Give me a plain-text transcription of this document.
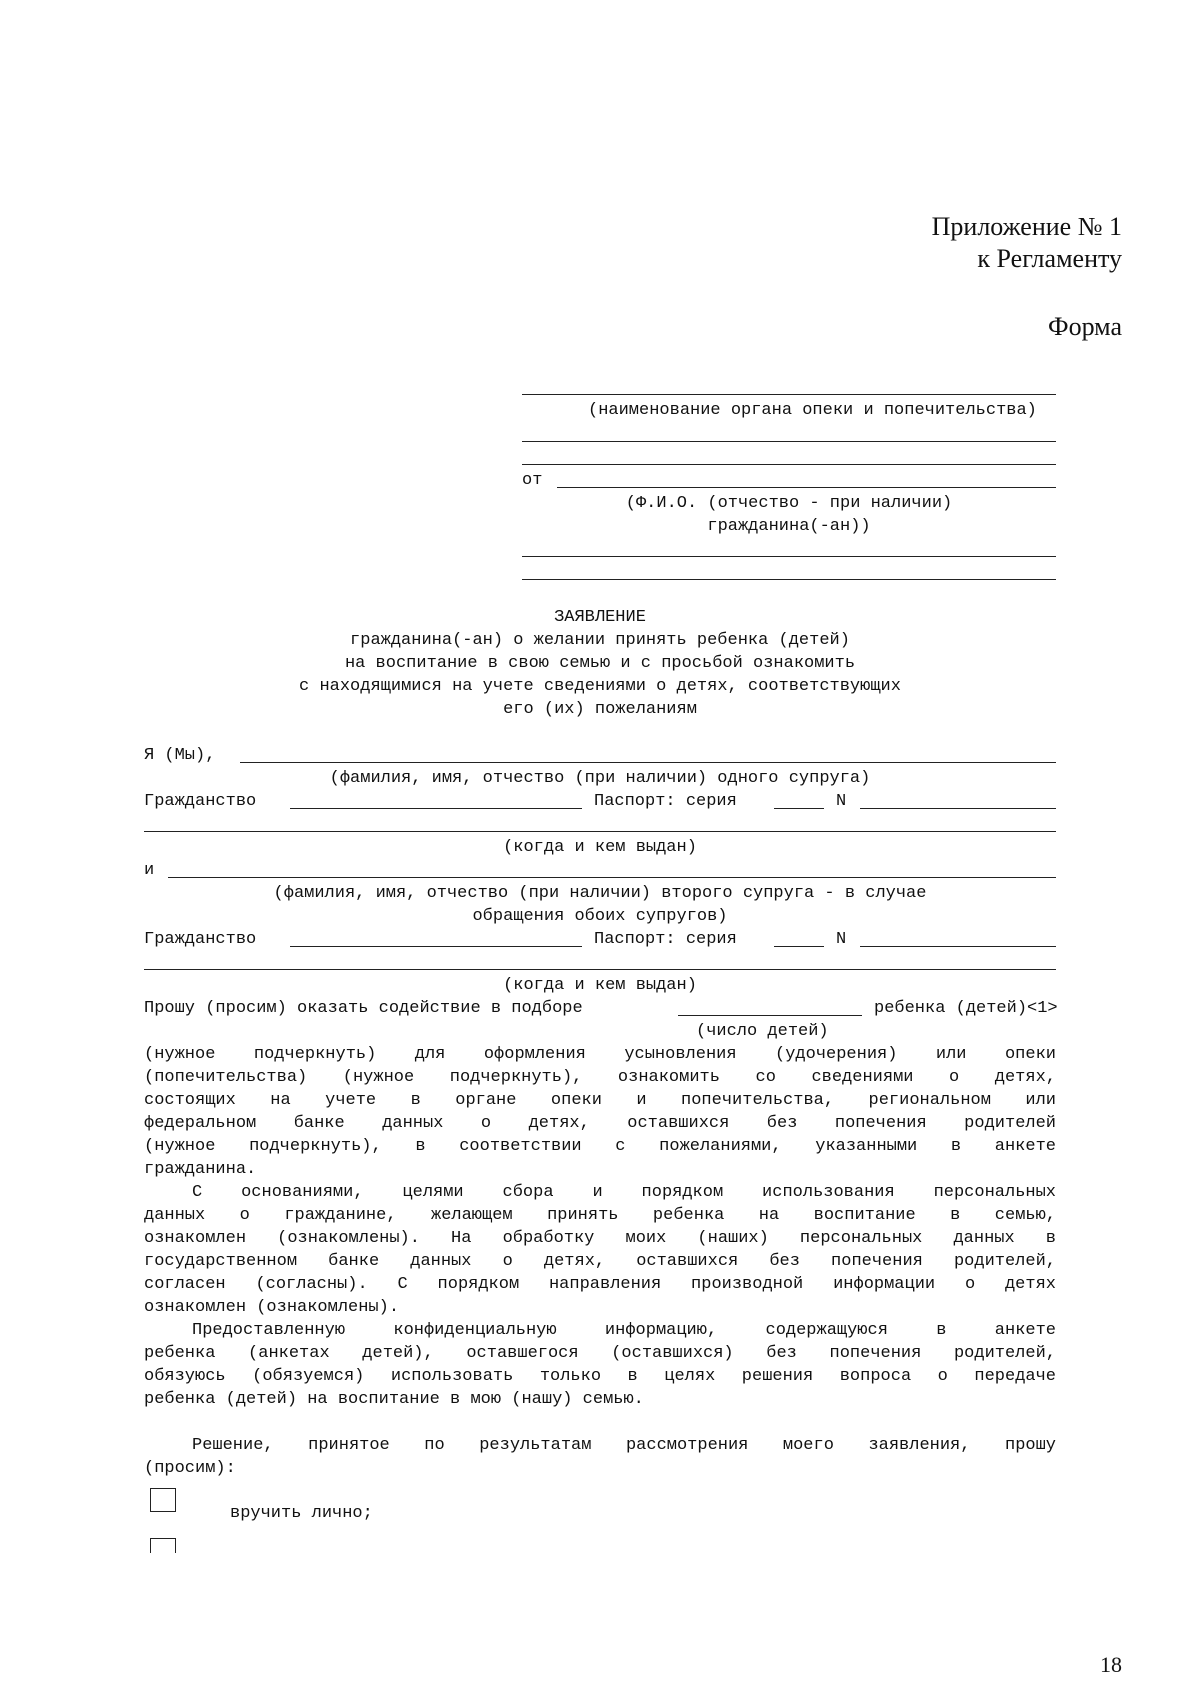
Приложение № 1
к Регламенту
Форма
(наименование органа опеки и попечительства)
от
(Ф.И.О. (отчество - при наличии)
гражданина(-ан))
ЗАЯВЛЕНИЕ
гражданина(-ан) о желании принять ребенка (детей)
на воспитание в свою семью и с просьбой ознакомить
с находящимися на учете сведениями о детях, соответствующих
его (их) пожеланиям
Я (Мы),
(фамилия, имя, отчество (при наличии) одного супруга)
Гражданство	Паспорт: серия	N
(когда и кем выдан)
и
(фамилия, имя, отчество (при наличии) второго супруга - в случае
обращения обоих супругов)
Гражданство	Паспорт: серия	N
(когда и кем выдан)
Прошу (просим) оказать содействие в подборе	ребенка (детей)<1>
(число детей)
(нужное подчеркнуть) для оформления усыновления (удочерения) или опеки
(попечительства) (нужное подчеркнуть), ознакомить со сведениями о детях,
состоящих на учете в органе опеки и попечительства, региональном или
федеральном банке данных о детях, оставшихся без попечения родителей
(нужное подчеркнуть), в соответствии с пожеланиями, указанными в анкете
гражданина.
С основаниями, целями сбора и порядком использования персональных
данных о гражданине, желающем принять ребенка на воспитание в семью,
ознакомлен (ознакомлены). На обработку моих (наших) персональных данных в
государственном банке данных о детях, оставшихся без попечения родителей,
согласен (согласны). С порядком направления производной информации о детях
ознакомлен (ознакомлены).
Предоставленную конфиденциальную информацию, содержащуюся в анкете
ребенка (анкетах детей), оставшегося (оставшихся) без попечения родителей,
обязуюсь (обязуемся) использовать только в целях решения вопроса о передаче
ребенка (детей) на воспитание в мою (нашу) семью.
Решение, принятое по результатам рассмотрения моего заявления, прошу
(просим):
вручить лично;
18
